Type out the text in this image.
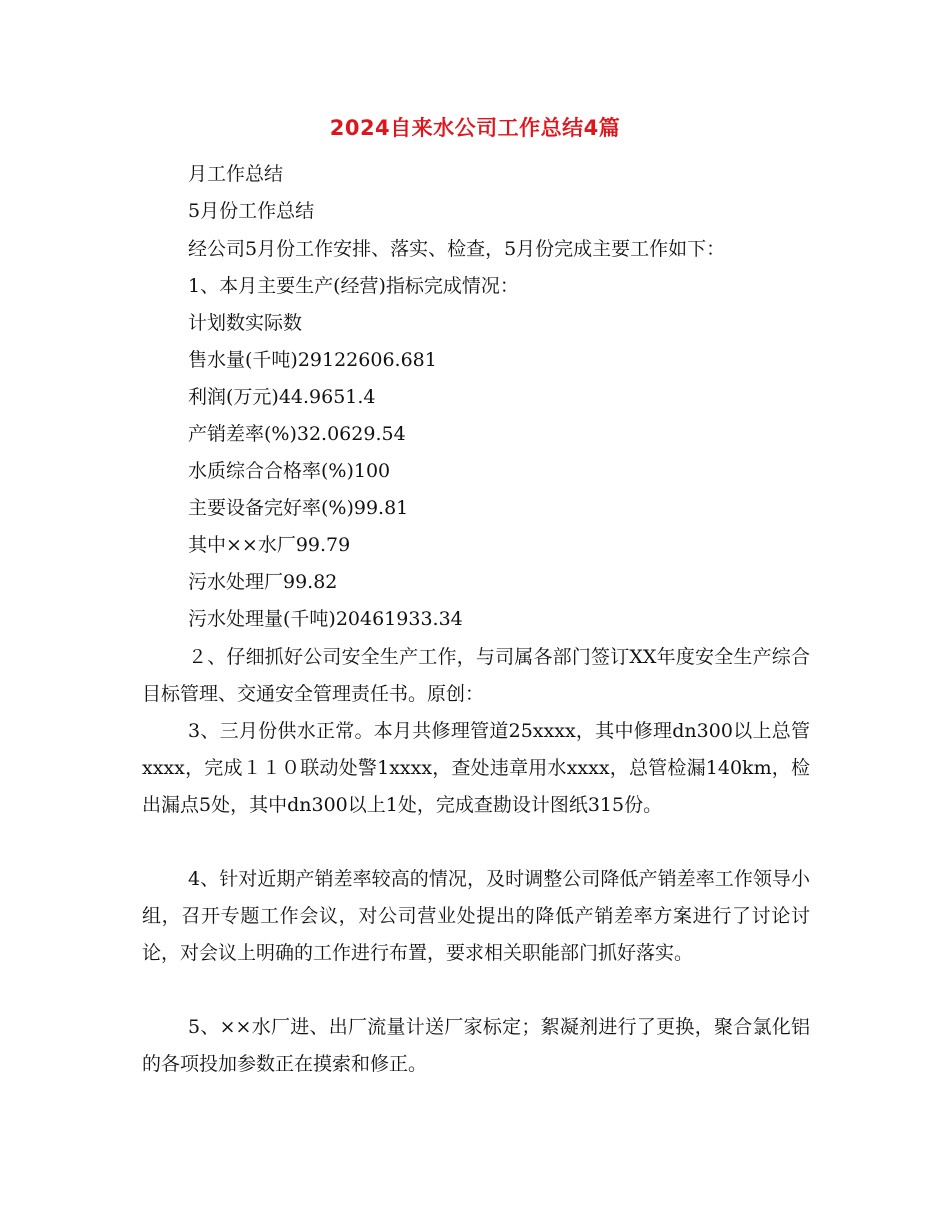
2024自来水公司工作总结4篇
月工作总结
5月份工作总结
经公司5月份工作安排、落实、检查，5月份完成主要工作如下：
1、本月主要生产(经营)指标完成情况：
计划数实际数
售水量(千吨)29122606.681
利润(万元)44.9651.4
产销差率(%)32.0629.54
水质综合合格率(%)100
主要设备完好率(%)99.81
其中××水厂99.79
污水处理厂99.82
污水处理量(千吨)20461933.34
２、仔细抓好公司安全生产工作，与司属各部门签订XX年度安全生产综合目标管理、交通安全管理责任书。原创：
3、三月份供水正常。本月共修理管道25xxxx，其中修理dn300以上总管xxxx，完成１１０联动处警1xxxx，查处违章用水xxxx，总管检漏140km，检出漏点5处，其中dn300以上1处，完成查勘设计图纸315份。
4、针对近期产销差率较高的情况，及时调整公司降低产销差率工作领导小组，召开专题工作会议，对公司营业处提出的降低产销差率方案进行了讨论讨论，对会议上明确的工作进行布置，要求相关职能部门抓好落实。
5、××水厂进、出厂流量计送厂家标定；絮凝剂进行了更换，聚合氯化铝的各项投加参数正在摸索和修正。
